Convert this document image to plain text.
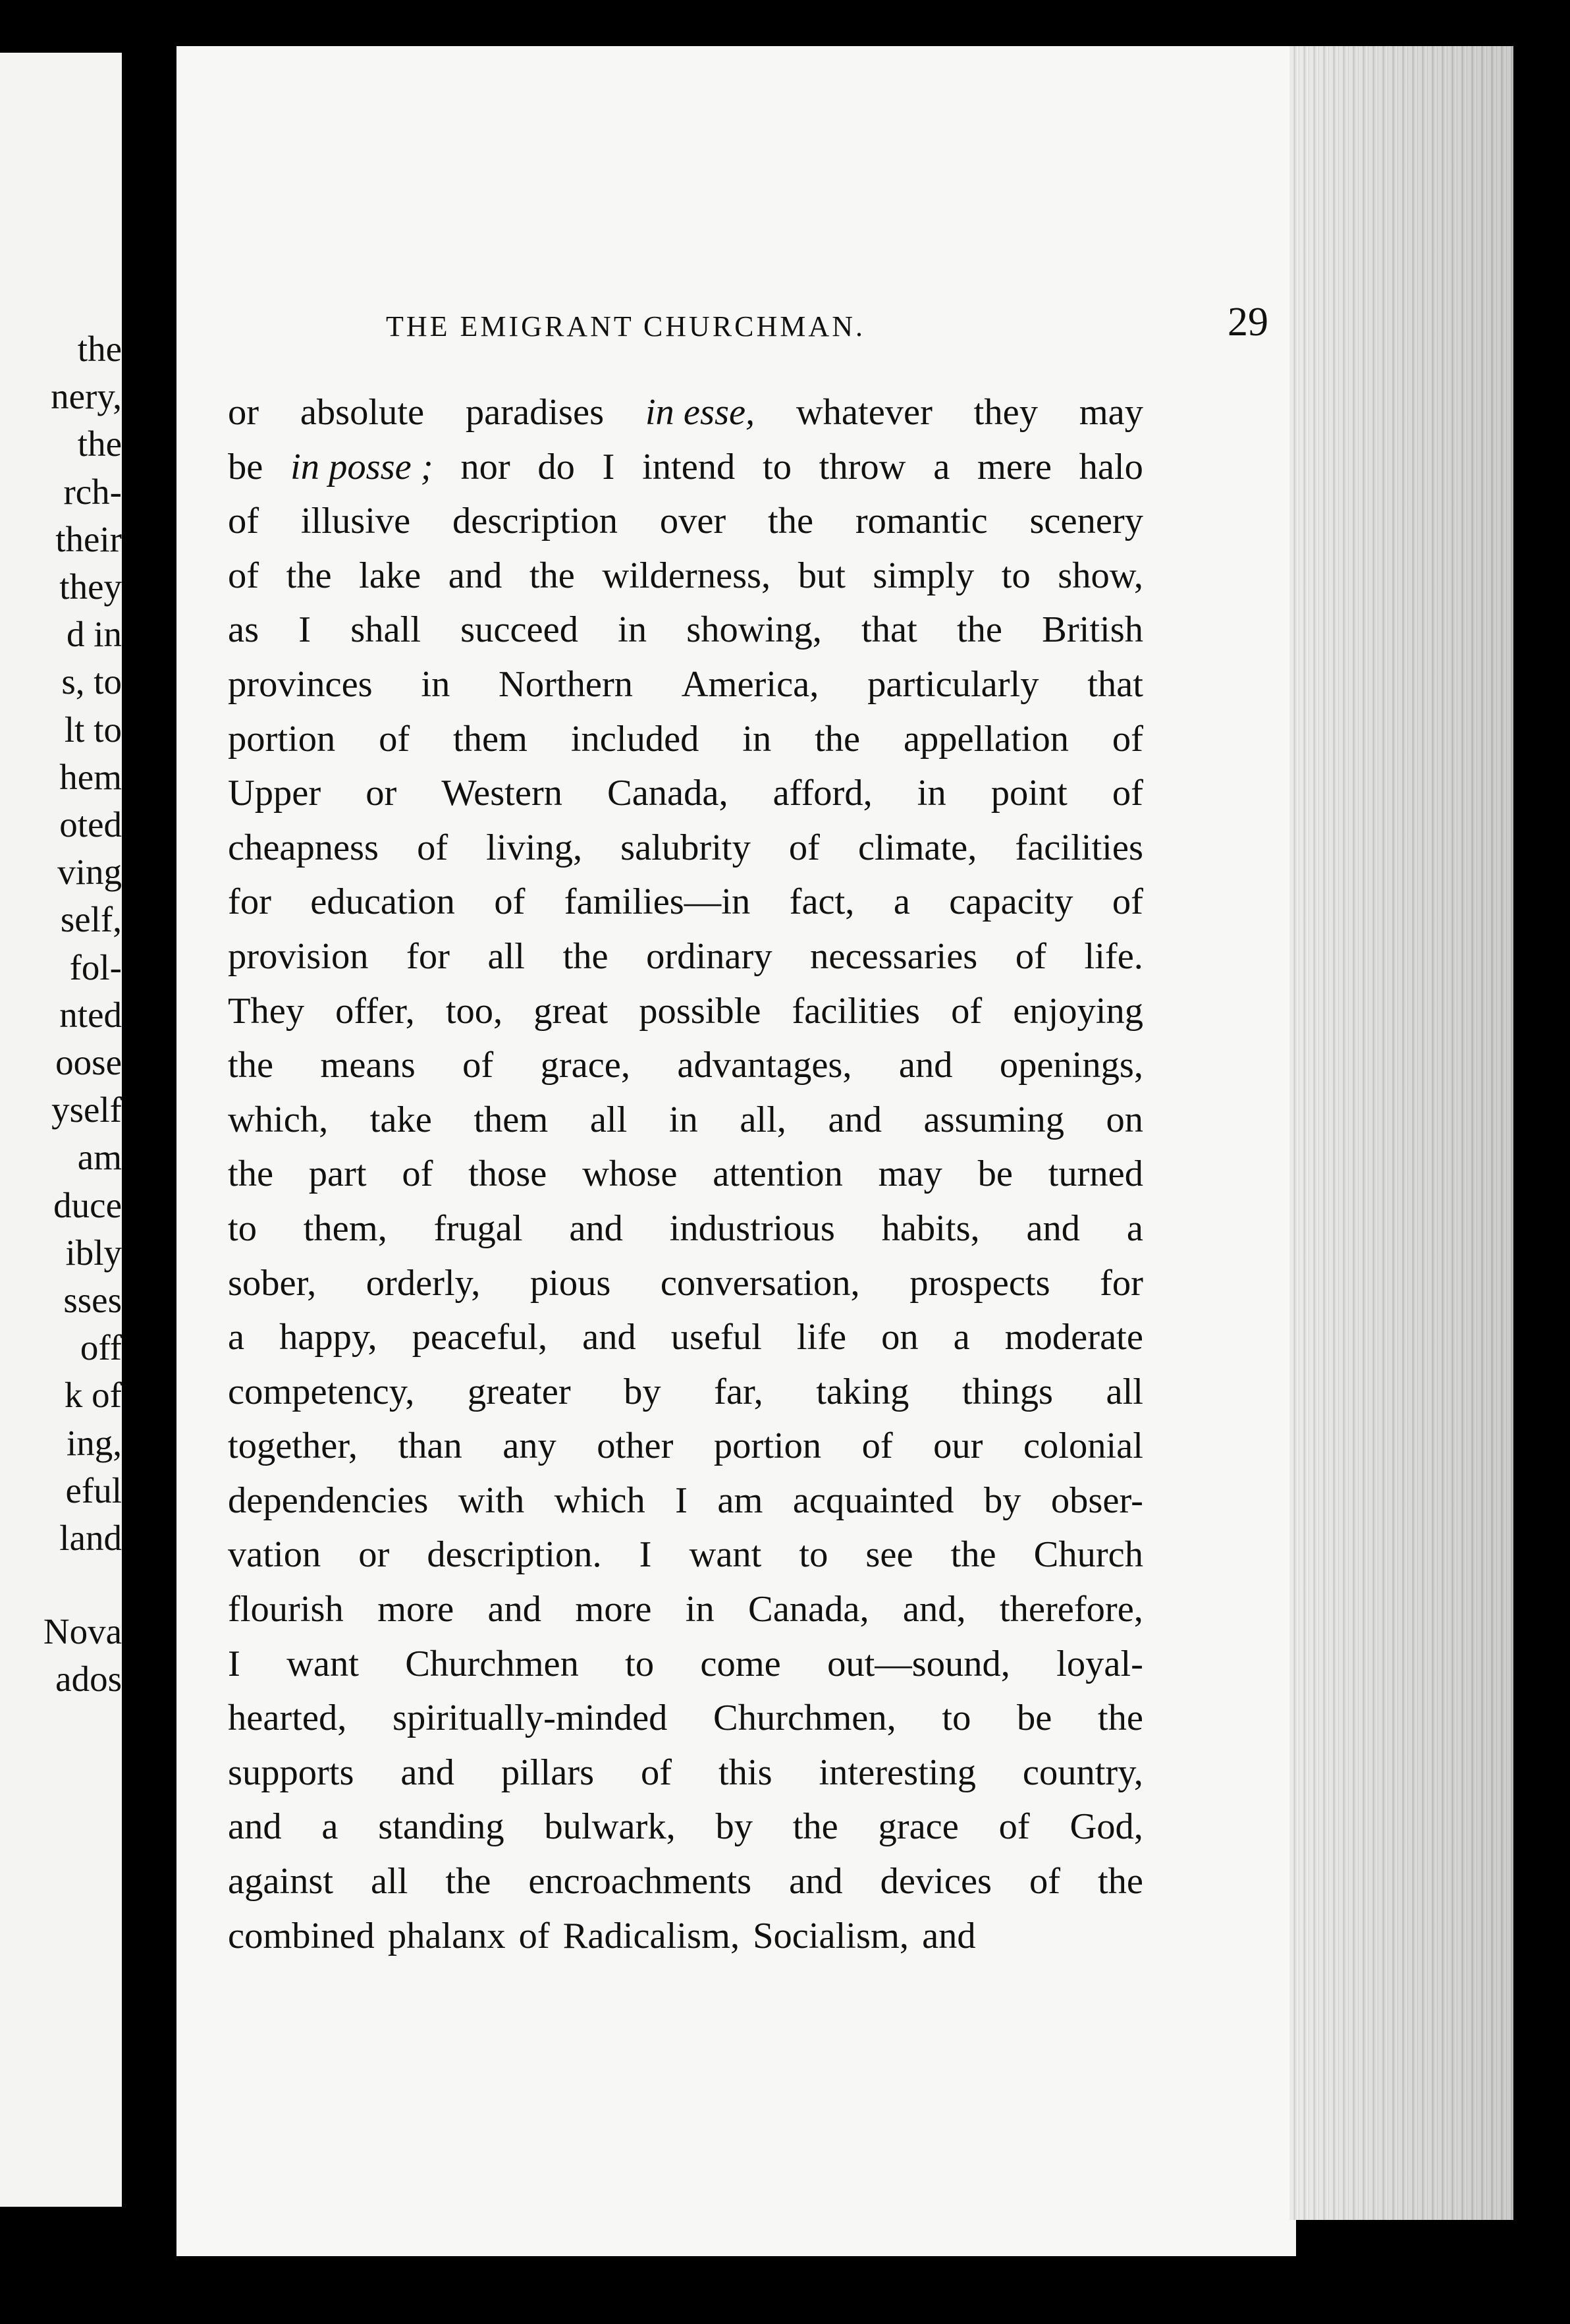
the
nery,
the
rch-
their
they
d in
s, to
lt to
hem
oted
ving
self,
fol-
nted
oose
yself
am
duce
ibly
sses
off
k of
ing,
eful
land
Nova
ados
THE EMIGRANT CHURCHMAN.	29
or absolute paradises in esse, whatever they may
be in posse ; nor do I intend to throw a mere halo
of illusive description over the romantic scenery
of the lake and the wilderness, but simply to show,
as I shall succeed in showing, that the British
provinces in Northern America, particularly that
portion of them included in the appellation of
Upper or Western Canada, afford, in point of
cheapness of living, salubrity of climate, facilities
for education of families—in fact, a capacity of
provision for all the ordinary necessaries of life.
They offer, too, great possible facilities of enjoying
the means of grace, advantages, and openings,
which, take them all in all, and assuming on
the part of those whose attention may be turned
to them, frugal and industrious habits, and a
sober, orderly, pious conversation, prospects for
a happy, peaceful, and useful life on a moderate
competency, greater by far, taking things all
together, than any other portion of our colonial
dependencies with which I am acquainted by obser-
vation or description. I want to see the Church
flourish more and more in Canada, and, therefore,
I want Churchmen to come out—sound, loyal-
hearted, spiritually-minded Churchmen, to be the
supports and pillars of this interesting country,
and a standing bulwark, by the grace of God,
against all the encroachments and devices of the
combined phalanx of Radicalism, Socialism, and
